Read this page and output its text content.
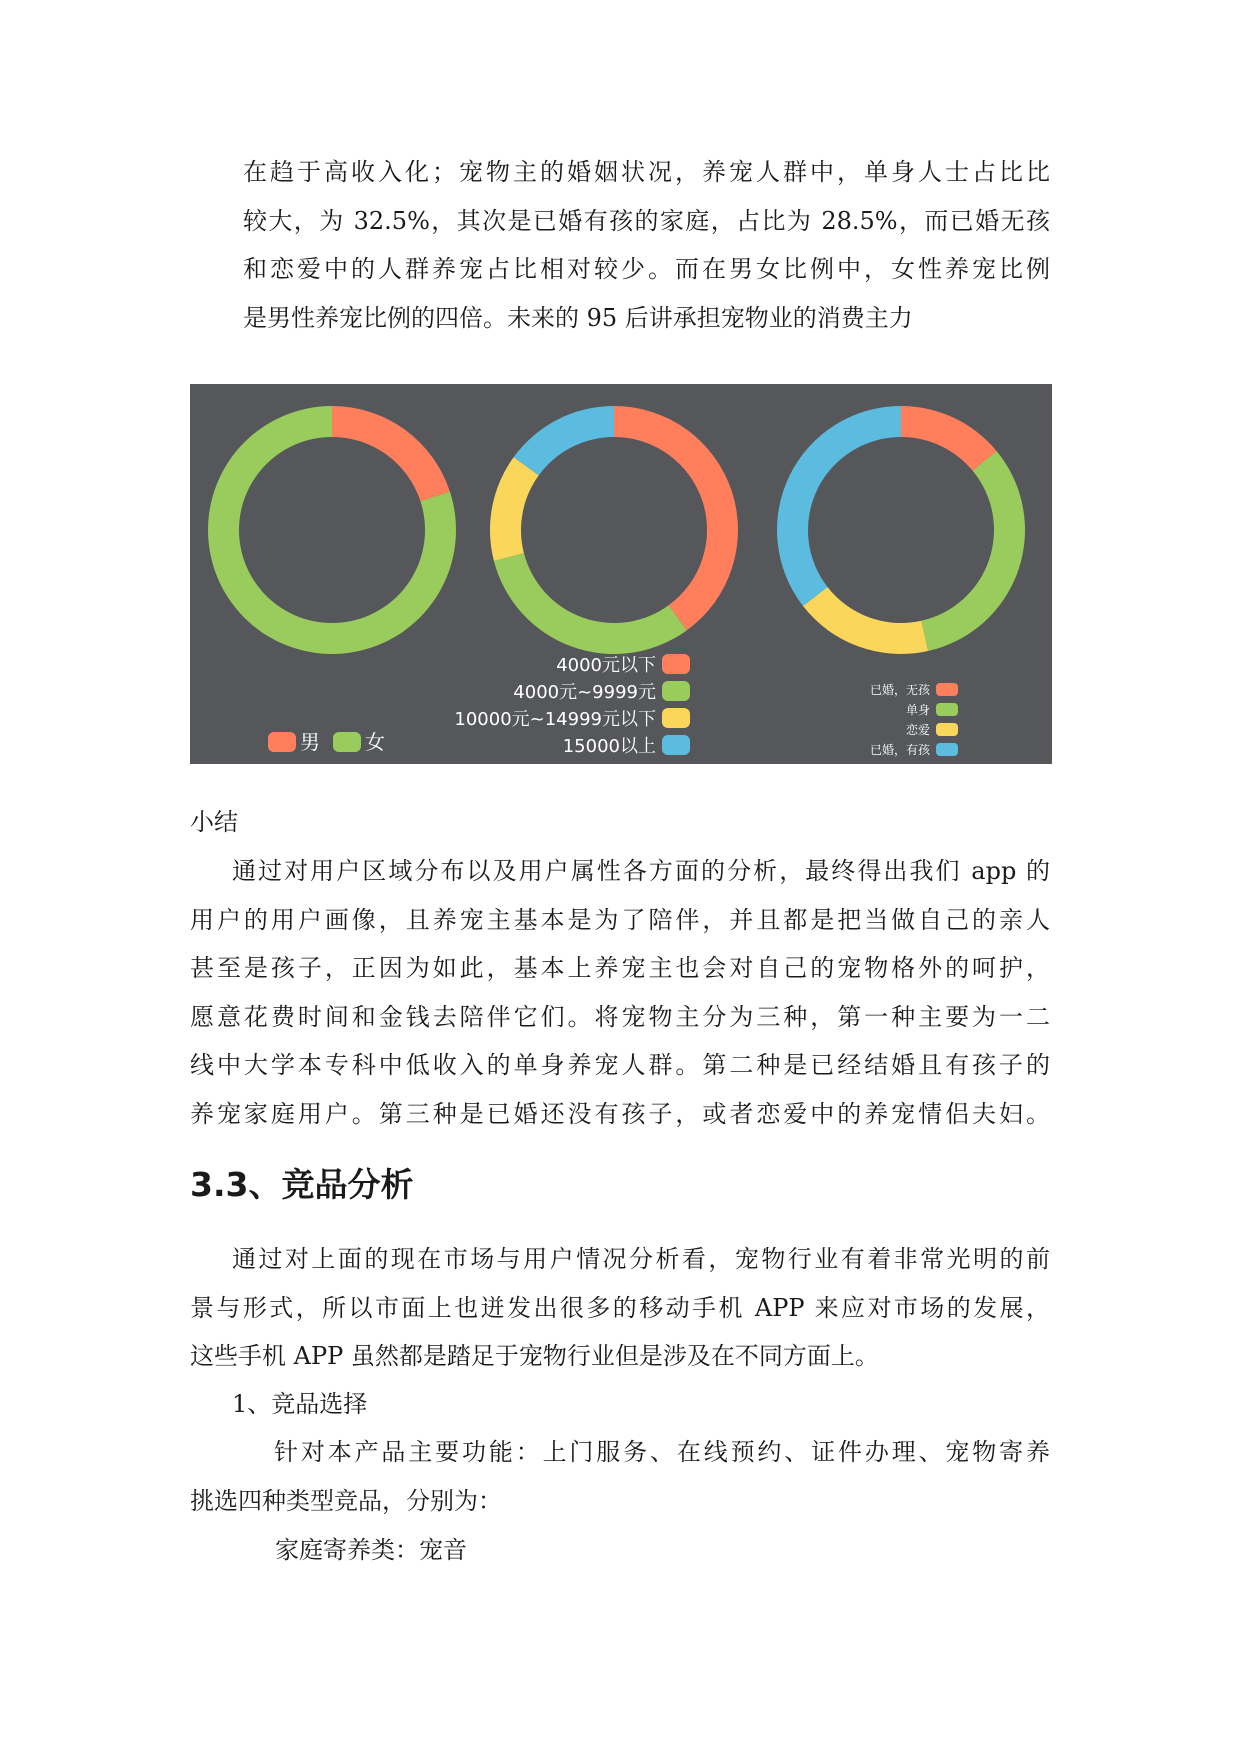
在趋于高收入化；宠物主的婚姻状况，养宠人群中，单身人士占比比
较大，为 32.5%，其次是已婚有孩的家庭，占比为 28.5%，而已婚无孩
和恋爱中的人群养宠占比相对较少。而在男女比例中，女性养宠比例
是男性养宠比例的四倍。未来的 95 后讲承担宠物业的消费主力
男 女
4000元以下
4000元~9999元
10000元~14999元以下
15000以上
已婚，无孩
单身
恋爱
已婚，有孩

小结

通过对用户区域分布以及用户属性各方面的分析，最终得出我们 app 的
用户的用户画像，且养宠主基本是为了陪伴，并且都是把当做自己的亲人
甚至是孩子，正因为如此，基本上养宠主也会对自己的宠物格外的呵护，
愿意花费时间和金钱去陪伴它们。将宠物主分为三种，第一种主要为一二
线中大学本专科中低收入的单身养宠人群。第二种是已经结婚且有孩子的
养宠家庭用户。第三种是已婚还没有孩子，或者恋爱中的养宠情侣夫妇。
3.3、竞品分析
通过对上面的现在市场与用户情况分析看，宠物行业有着非常光明的前
景与形式，所以市面上也迸发出很多的移动手机 APP 来应对市场的发展，
这些手机 APP 虽然都是踏足于宠物行业但是涉及在不同方面上。

1、竞品选择

针对本产品主要功能：上门服务、在线预约、证件办理、宠物寄养
挑选四种类型竞品，分别为：

家庭寄养类：宠音
